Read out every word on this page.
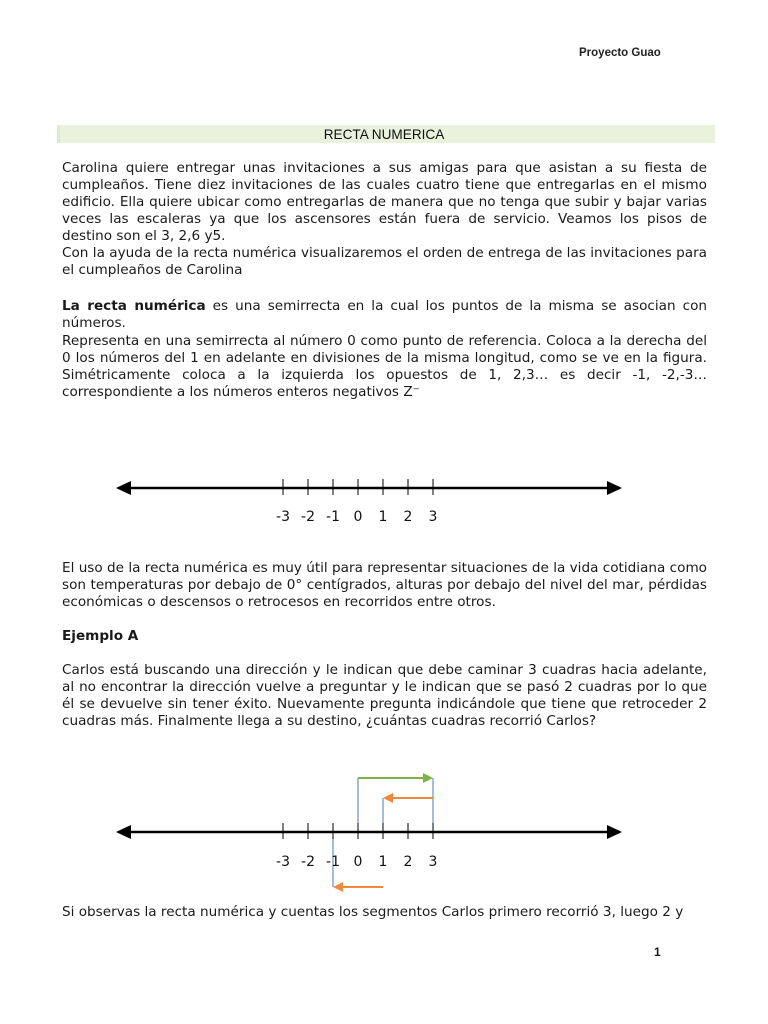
Proyecto Guao
RECTA NUMERICA

Carolina quiere entregar unas invitaciones a sus amigas para que asistan a su fiesta de cumpleaños. Tiene diez invitaciones de las cuales cuatro tiene que entregarlas en el mismo edificio. Ella quiere ubicar como entregarlas de manera que no tenga que subir y bajar varias veces las escaleras ya que los ascensores están fuera de servicio. Veamos los pisos de destino son el 3, 2,6 y5.

Con la ayuda de la recta numérica visualizaremos el orden de entrega de las invitaciones para el cumpleaños de Carolina

La recta numérica es una semirrecta en la cual los puntos de la misma se asocian con números.

Representa en una semirrecta al número 0 como punto de referencia. Coloca a la derecha del 0 los números del 1 en adelante en divisiones de la misma longitud, como se ve en la figura. Simétricamente coloca a la izquierda los opuestos de 1, 2,3… es decir -1, -2,-3… correspondiente a los números enteros negativos Z⁻

-3 -2 -1 0 1 2 3

El uso de la recta numérica es muy útil para representar situaciones de la vida cotidiana como son temperaturas por debajo de 0° centígrados, alturas por debajo del nivel del mar, pérdidas económicas o descensos o retrocesos en recorridos entre otros.

Ejemplo A

Carlos está buscando una dirección y le indican que debe caminar 3 cuadras hacia adelante, al no encontrar la dirección vuelve a preguntar y le indican que se pasó 2 cuadras por lo que él se devuelve sin tener éxito. Nuevamente pregunta indicándole que tiene que retroceder 2 cuadras más. Finalmente llega a su destino, ¿cuántas cuadras recorrió Carlos?

-3 -2 -1 0 1 2 3

Si observas la recta numérica y cuentas los segmentos Carlos primero recorrió 3, luego 2 y

1
